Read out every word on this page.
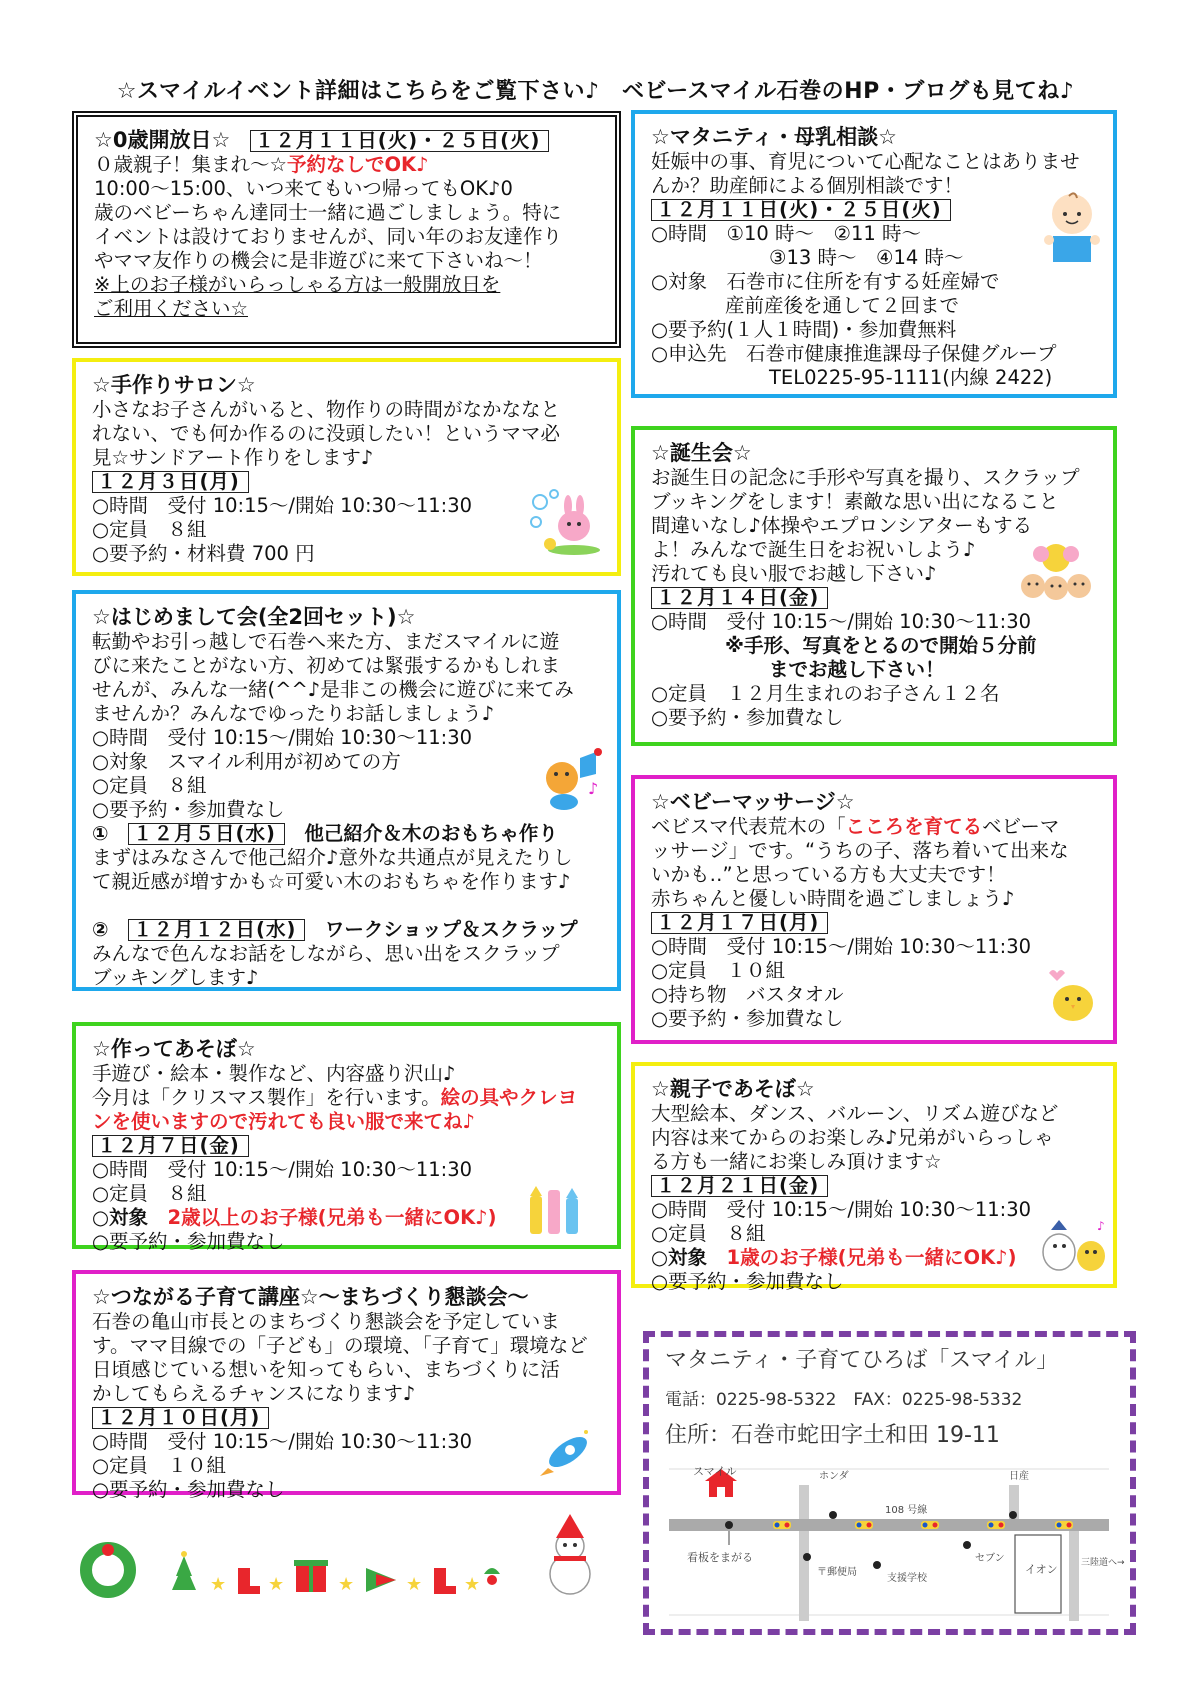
☆スマイルイベント詳細はこちらをご覧下さい♪　ベビースマイル石巻のHP・ブログも見てね♪
☆0歳開放日☆　 １２月１１日(火)・２５日(火)
０歳親子！集まれ～☆予約なしでOK♪
10:00～15:00、いつ来てもいつ帰ってもOK♪0
歳のベビーちゃん達同士一緒に過ごしましょう。特に
イベントは設けておりませんが、同い年のお友達作り
やママ友作りの機会に是非遊びに来て下さいね～！
※上のお子様がいらっしゃる方は一般開放日を
ご利用ください☆
☆手作りサロン☆
小さなお子さんがいると、物作りの時間がなかななと
れない、でも何か作るのに没頭したい！というママ必
見☆サンドアート作りをします♪
１２月３日(月)
○時間　受付 10:15～/開始 10:30～11:30
○定員　８組
○要予約・材料費 700 円
☆はじめまして会(全2回セット)☆
転勤やお引っ越しで石巻へ来た方、まだスマイルに遊
びに来たことがない方、初めては緊張するかもしれま
せんが、みんな一緒(^^♪是非この機会に遊びに来てみ
ませんか？みんなでゆったりお話しましょう♪
○時間　受付 10:15～/開始 10:30～11:30
○対象　スマイル利用が初めての方
○定員　８組
○要予約・参加費なし
①　 １２月５日(水)　 他己紹介＆木のおもちゃ作り
まずはみなさんで他己紹介♪意外な共通点が見えたりし
て親近感が増すかも☆可愛い木のおもちゃを作ります♪
②　 １２月１２日(水)　 ワークショップ＆スクラップ
みんなで色んなお話をしながら、思い出をスクラップ
ブッキングします♪
♪
☆作ってあそぼ☆
手遊び・絵本・製作など、内容盛り沢山♪
今月は「クリスマス製作」を行います。絵の具やクレヨ
ンを使いますので汚れても良い服で来てね♪
１２月７日(金)
○時間　受付 10:15～/開始 10:30～11:30
○定員　８組
○対象　2歳以上のお子様(兄弟も一緒にOK♪)
○要予約・参加費なし
☆つながる子育て講座☆～まちづくり懇談会～
石巻の亀山市長とのまちづくり懇談会を予定していま
す。ママ目線での「子ども」の環境、「子育て」環境など
日頃感じている想いを知ってもらい、まちづくりに活
かしてもらえるチャンスになります♪
１２月１０日(月)
○時間　受付 10:15～/開始 10:30～11:30
○定員　１０組
○要予約・参加費なし
★ ★	★	★ ★
☆マタニティ・母乳相談☆
妊娠中の事、育児について心配なことはありませ
んか？助産師による個別相談です！
１２月１１日(火)・２５日(火)
○時間　①10 時～　②11 時～
③13 時～　④14 時～
○対象　石巻市に住所を有する妊産婦で
産前産後を通して２回まで
○要予約(１人１時間)・参加費無料
○申込先　石巻市健康推進課母子保健グループ
TEL0225-95-1111(内線 2422)
☆誕生会☆
お誕生日の記念に手形や写真を撮り、スクラップ
ブッキングをします！素敵な思い出になること
間違いなし♪体操やエプロンシアターもする
よ！みんなで誕生日をお祝いしよう♪
汚れても良い服でお越し下さい♪
１２月１４日(金)
○時間　受付 10:15～/開始 10:30～11:30
※手形、写真をとるので開始５分前
までお越し下さい！
○定員　１２月生まれのお子さん１２名
○要予約・参加費なし
☆ベビーマッサージ☆
ベビスマ代表荒木の「こころを育てるベビーマ
ッサージ」です。“うちの子、落ち着いて出来な
いかも‥”と思っている方も大丈夫です！
赤ちゃんと優しい時間を過ごしましょう♪
１２月１７日(月)
○時間　受付 10:15～/開始 10:30～11:30
○定員　１０組
○持ち物　バスタオル
○要予約・参加費なし
☆親子であそぼ☆
大型絵本、ダンス、バルーン、リズム遊びなど
内容は来てからのお楽しみ♪兄弟がいらっしゃ
る方も一緒にお楽しみ頂けます☆
１２月２１日(金)
○時間　受付 10:15～/開始 10:30～11:30
○定員　８組
○対象　1歳のお子様(兄弟も一緒にOK♪)
○要予約・参加費なし
♪
マタニティ・子育てひろば「スマイル」
電話：0225-98-5322　FAX：0225-98-5332
住所：石巻市蛇田字土和田 19-11
スマイル	ホンダ
108 号線
日産
看板をまがる
〒郵便局
支援学校
セブン
イオン	三陸道へ→
